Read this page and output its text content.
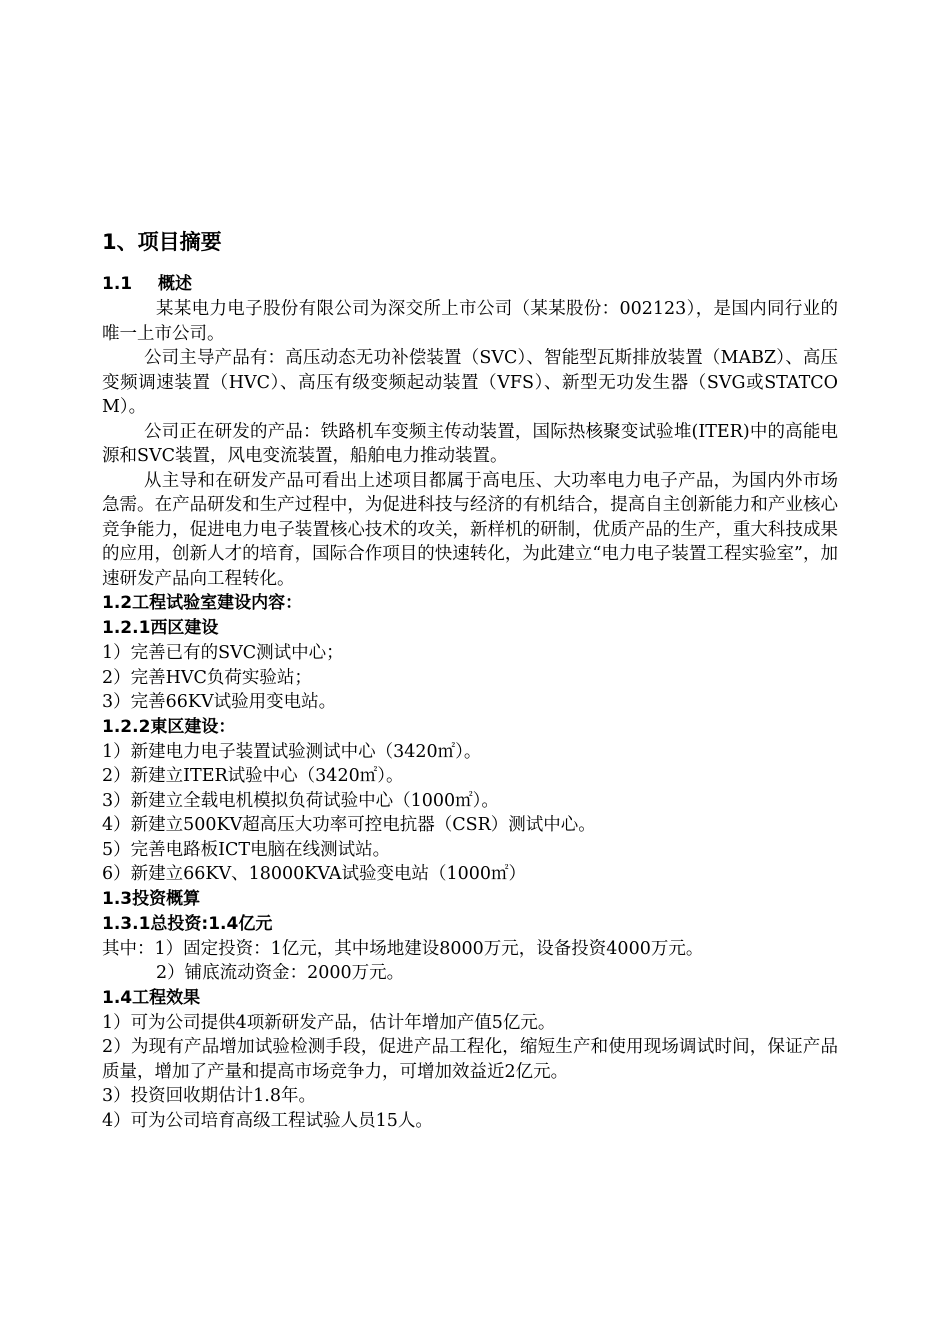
1、项目摘要
1.1 概述

某某电力电子股份有限公司为深交所上市公司（某某股份：002123），是国内同行业的唯一上市公司。

公司主导产品有：高压动态无功补偿装置（SVC）、智能型瓦斯排放装置（MABZ）、高压变频调速装置（HVC）、高压有级变频起动装置（VFS）、新型无功发生器（SVG或STATCOM）。

公司正在研发的产品：铁路机车变频主传动装置，国际热核聚变试验堆(ITER)中的高能电源和SVC装置，风电变流装置，船舶电力推动装置。

从主导和在研发产品可看出上述项目都属于高电压、大功率电力电子产品，为国内外市场急需。在产品研发和生产过程中，为促进科技与经济的有机结合，提高自主创新能力和产业核心竞争能力，促进电力电子装置核心技术的攻关，新样机的研制，优质产品的生产，重大科技成果的应用，创新人才的培育，国际合作项目的快速转化，为此建立“电力电子装置工程实验室”，加速研发产品向工程转化。

1.2工程试验室建设内容：
1.2.1西区建设
1）完善已有的SVC测试中心；
2）完善HVC负荷实验站；
3）完善66KV试验用变电站。
1.2.2東区建设：
1）新建电力电子装置试验测试中心（3420㎡）。
2）新建立ITER试验中心（3420㎡）。
3）新建立全载电机模拟负荷试验中心（1000㎡）。
4）新建立500KV超高压大功率可控电抗器（CSR）测试中心。
5）完善电路板ICT电脑在线测试站。
6）新建立66KV、18000KVA试验变电站（1000㎡）
1.3投资概算
1.3.1总投资:1.4亿元

其中：1）固定投资：1亿元，其中场地建设8000万元，设备投资4000万元。

2）铺底流动资金：2000万元。

1.4工程效果

1）可为公司提供4项新研发产品，估计年增加产值5亿元。

2）为现有产品增加试验检测手段，促进产品工程化，缩短生产和使用现场调试时间，保证产品质量，增加了产量和提高市场竞争力，可增加效益近2亿元。

3）投资回收期估计1.8年。

4）可为公司培育高级工程试验人员15人。
